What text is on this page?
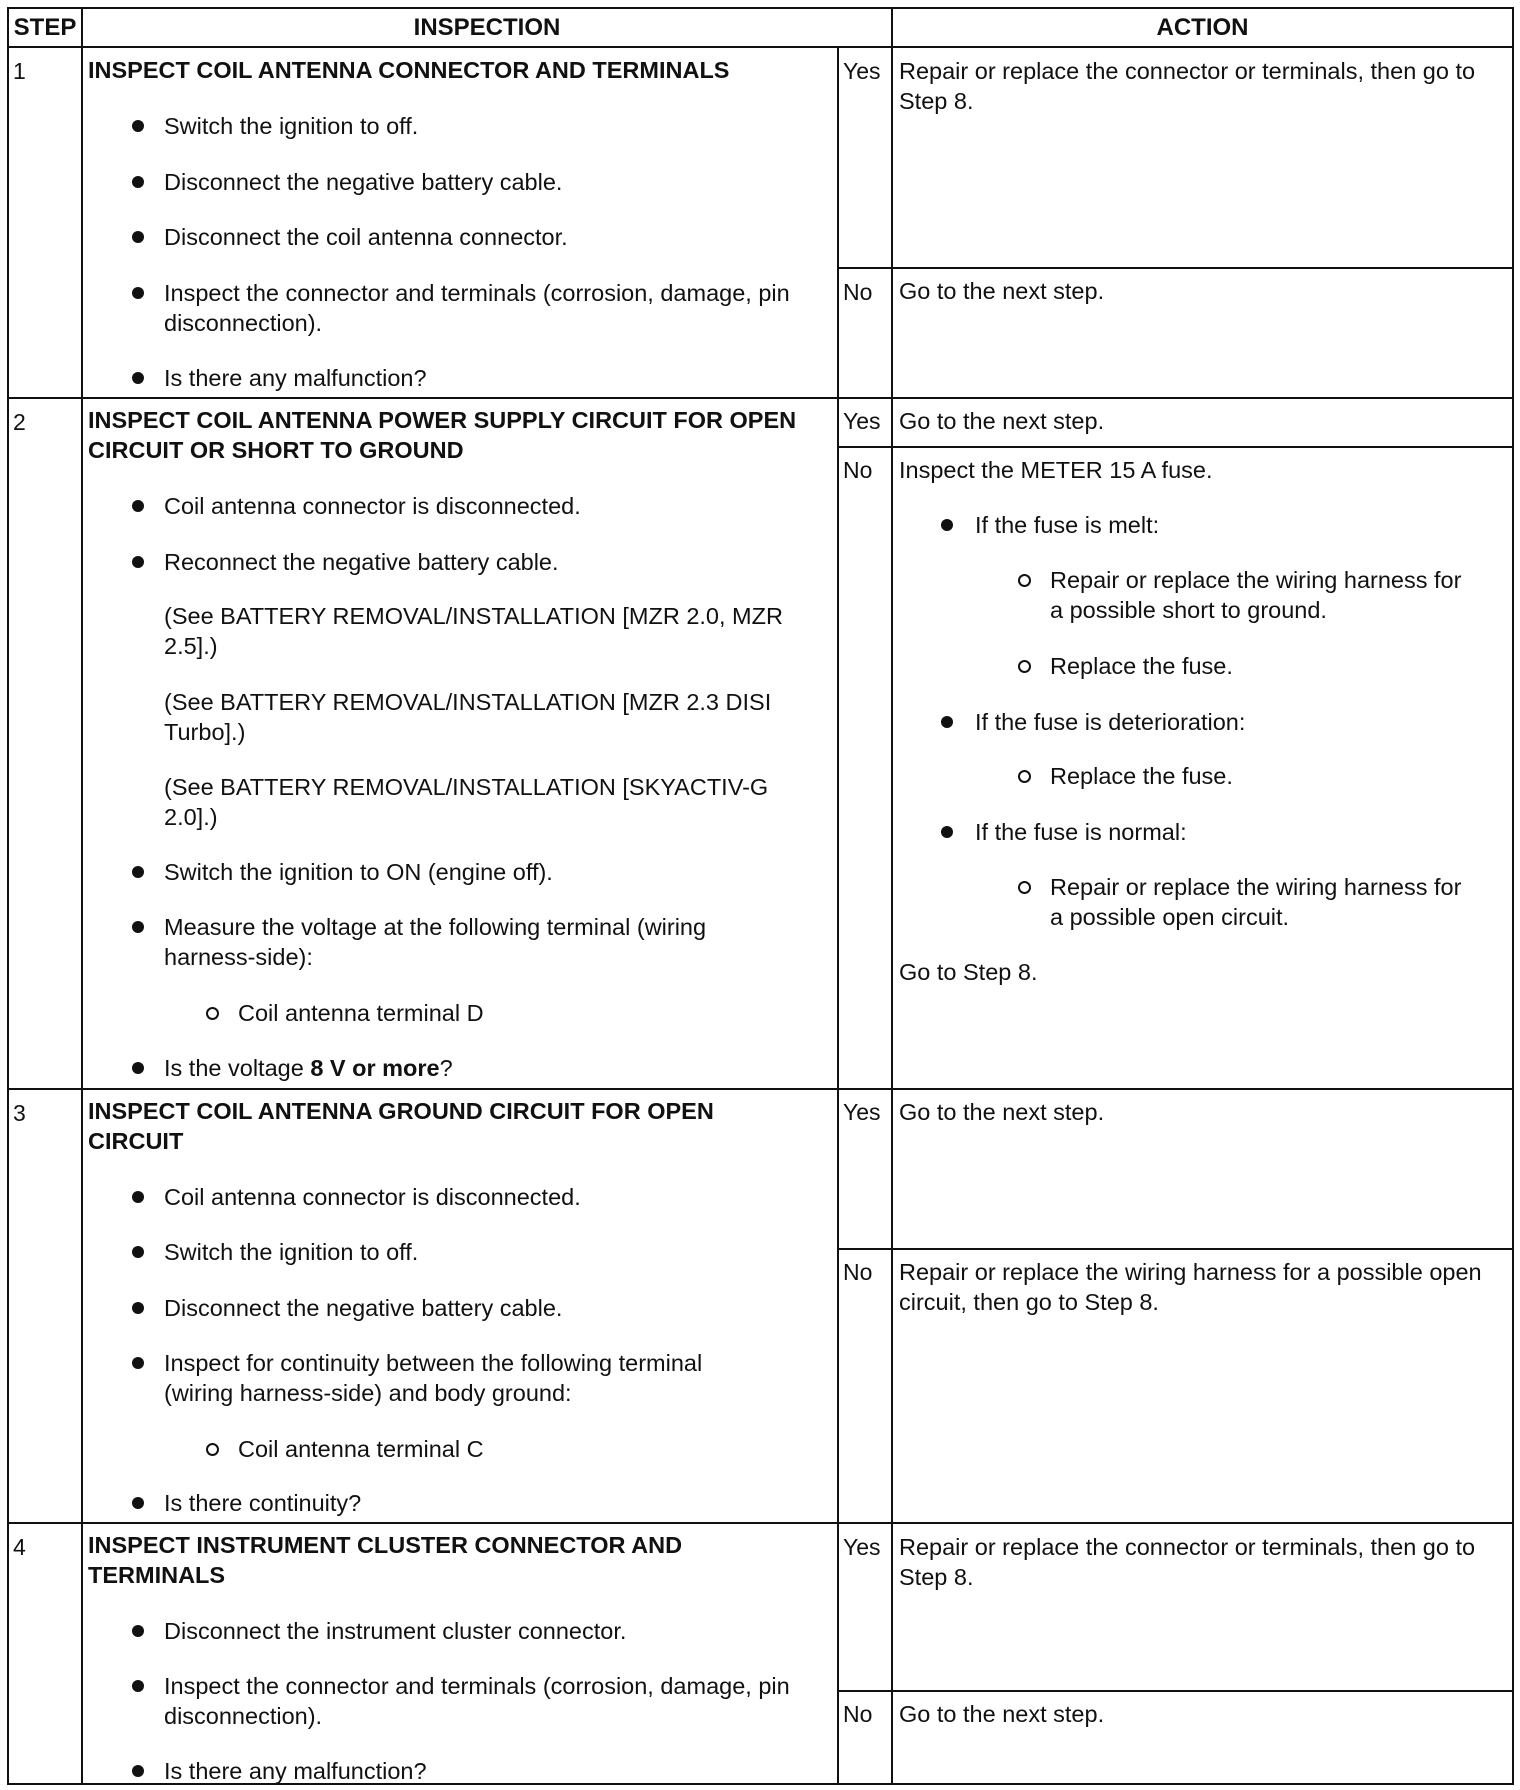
STEP	INSPECTION	ACTION
1	INSPECT COIL ANTENNA CONNECTOR AND TERMINALS
Switch the ignition to off.
Disconnect the negative battery cable.
Disconnect the coil antenna connector.
Inspect the connector and terminals (corrosion, damage, pin disconnection).
Is there any malfunction?
Yes Repair or replace the connector or terminals, then go to Step 8.
No Go to the next step.
2	INSPECT COIL ANTENNA POWER SUPPLY CIRCUIT FOR OPEN CIRCUIT OR SHORT TO GROUND
Coil antenna connector is disconnected.
Reconnect the negative battery cable.
(See BATTERY REMOVAL/INSTALLATION [MZR 2.0, MZR 2.5].)
(See BATTERY REMOVAL/INSTALLATION [MZR 2.3 DISI Turbo].)
(See BATTERY REMOVAL/INSTALLATION [SKYACTIV-G 2.0].)
Switch the ignition to ON (engine off).
Measure the voltage at the following terminal (wiring harness-side):
Coil antenna terminal D
Is the voltage 8 V or more?
Yes Go to the next step.
No Inspect the METER 15 A fuse.
If the fuse is melt:
Repair or replace the wiring harness for a possible short to ground.
Replace the fuse.
If the fuse is deterioration:
Replace the fuse.
If the fuse is normal:
Repair or replace the wiring harness for a possible open circuit.
Go to Step 8.
3	INSPECT COIL ANTENNA GROUND CIRCUIT FOR OPEN CIRCUIT
Coil antenna connector is disconnected.
Switch the ignition to off.
Disconnect the negative battery cable.
Inspect for continuity between the following terminal (wiring harness-side) and body ground:
Coil antenna terminal C
Is there continuity?
Yes Go to the next step.
No Repair or replace the wiring harness for a possible open circuit, then go to Step 8.
4	INSPECT INSTRUMENT CLUSTER CONNECTOR AND TERMINALS
Disconnect the instrument cluster connector.
Inspect the connector and terminals (corrosion, damage, pin disconnection).
Is there any malfunction?
Yes Repair or replace the connector or terminals, then go to Step 8.
No Go to the next step.
